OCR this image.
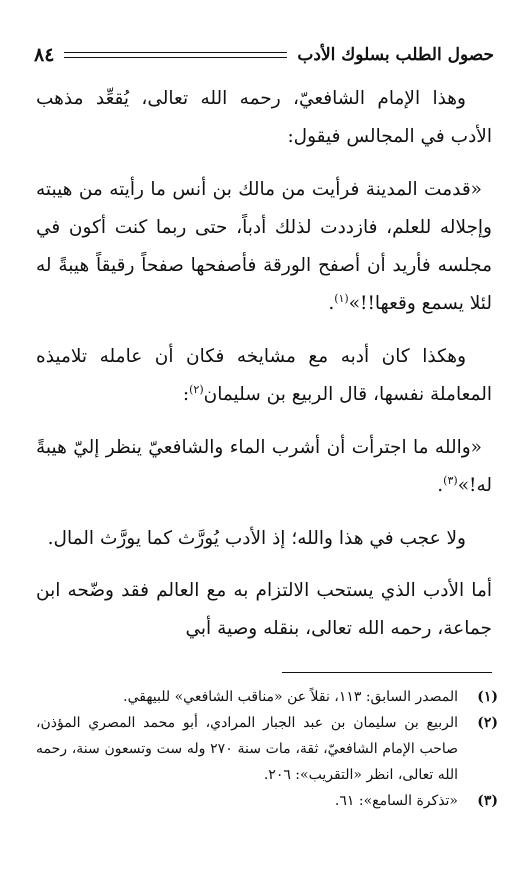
حصول الطلب بسلوك الأدب
٨٤

وهذا الإمام الشافعيّ، رحمه الله تعالى، يُقعِّد مذهب الأدب في المجالس فيقول:

«قدمت المدينة فرأيت من مالك بن أنس ما رأيته من هيبته وإجلاله للعلم، فازددت لذلك أدباً، حتى ربما كنت أكون في مجلسه فأريد أن أصفح الورقة فأصفحها صفحاً رقيقاً هيبةً له لئلا يسمع وقعها!!»$^{(١)}$.

وهكذا كان أدبه مع مشايخه فكان أن عامله تلاميذه المعاملة نفسها، قال الربيع بن سليمان$^{(٢)}$:

«والله ما اجترأت أن أشرب الماء والشافعيّ ينظر إليّ هيبةً له!»$^{(٣)}$.

ولا عجب في هذا والله؛ إذ الأدب يُورَّث كما يورَّث المال.

أما الأدب الذي يستحب الالتزام به مع العالم فقد وضّحه ابن جماعة، رحمه الله تعالى، بنقله وصية أبي

(١)
المصدر السابق: ١١٣، نقلاً عن «مناقب الشافعي» للبيهقي.
(٢)
الربيع بن سليمان بن عبد الجبار المرادي، أبو محمد المصري المؤذن، صاحب الإمام الشافعيّ، ثقة، مات سنة ٢٧٠ وله ست وتسعون سنة، رحمه الله تعالى، انظر «التقريب»: ٢٠٦.
(٣)
«تذكرة السامع»: ٦١.
